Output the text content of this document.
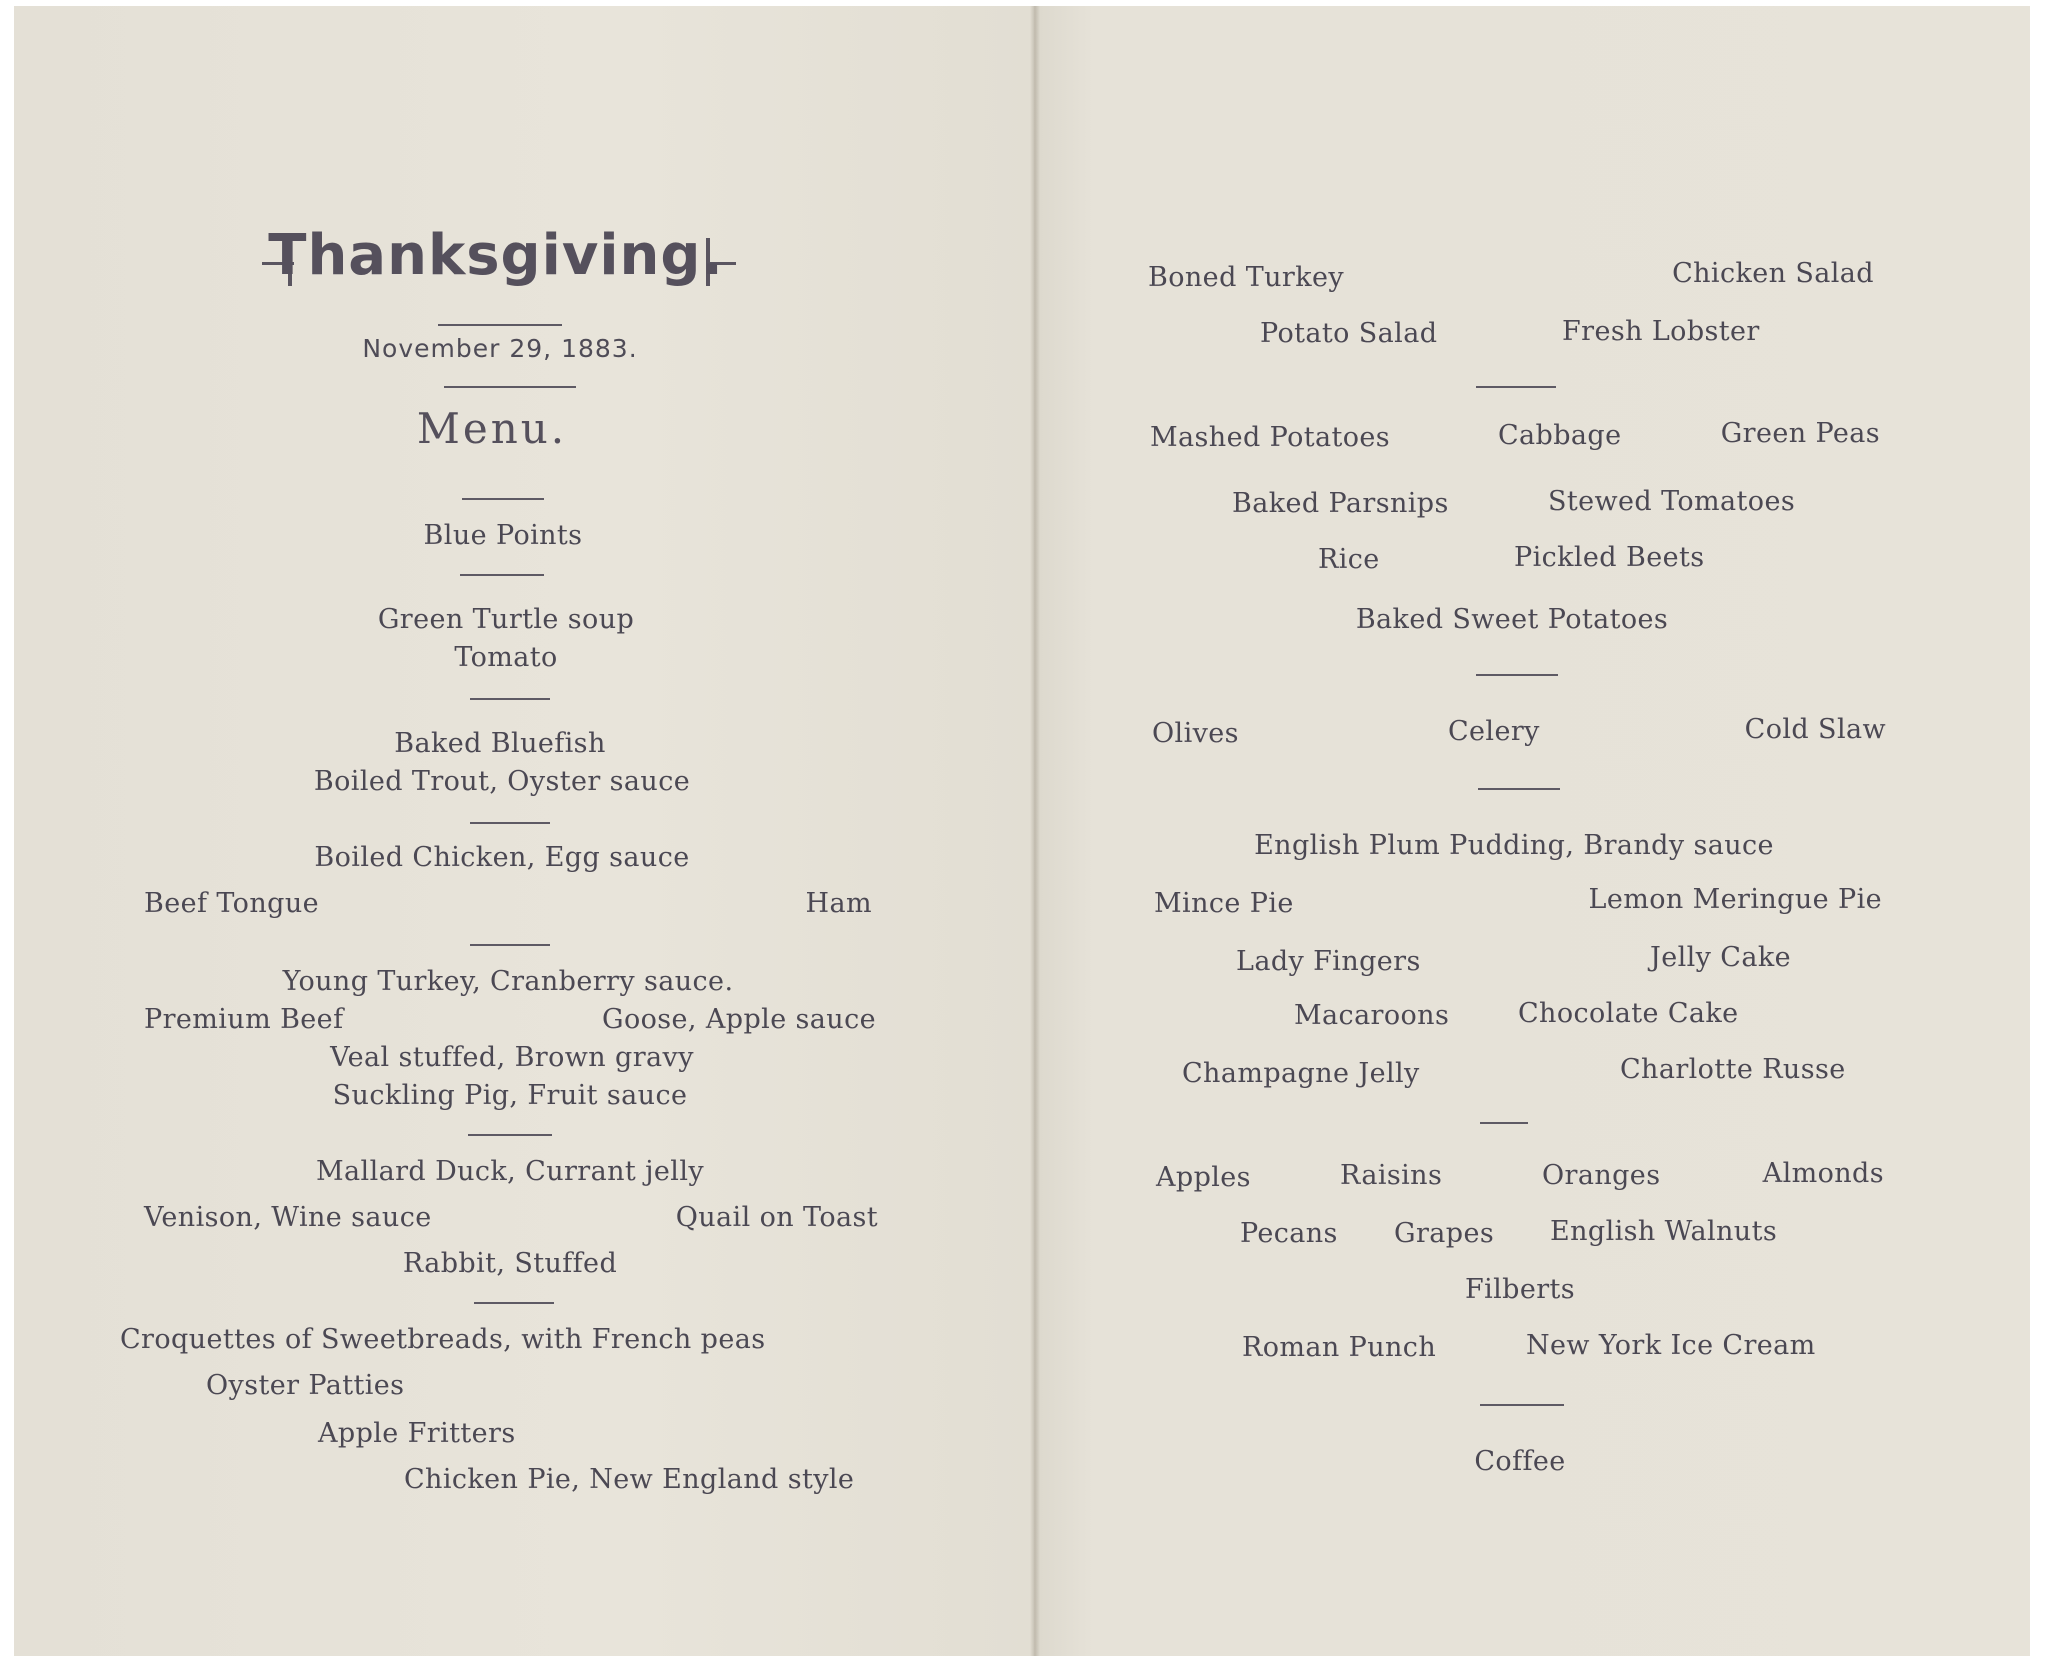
Thanksgiving.
November 29, 1883.
Menu.
Blue Points
Green Turtle soup
Tomato
Baked Bluefish
Boiled Trout, Oyster sauce
Boiled Chicken, Egg sauce
Beef Tongue	Ham
Young Turkey, Cranberry sauce.
Premium Beef	Goose, Apple sauce
Veal stuffed, Brown gravy
Suckling Pig, Fruit sauce
Mallard Duck, Currant jelly
Venison, Wine sauce	Quail on Toast
Rabbit, Stuffed
Croquettes of Sweetbreads, with French peas
Oyster Patties
Apple Fritters
Chicken Pie, New England style
Boned Turkey	Chicken Salad
Potato Salad	Fresh Lobster
Mashed Potatoes	Cabbage	Green Peas
Baked Parsnips	Stewed Tomatoes
Rice	Pickled Beets
Baked Sweet Potatoes
Olives	Celery	Cold Slaw
English Plum Pudding, Brandy sauce
Mince Pie	Lemon Meringue Pie
Lady Fingers	Jelly Cake
Macaroons	Chocolate Cake
Champagne Jelly	Charlotte Russe
Apples	Raisins	Oranges	Almonds
Pecans Grapes English Walnuts
Filberts
Roman Punch	New York Ice Cream
Coffee
